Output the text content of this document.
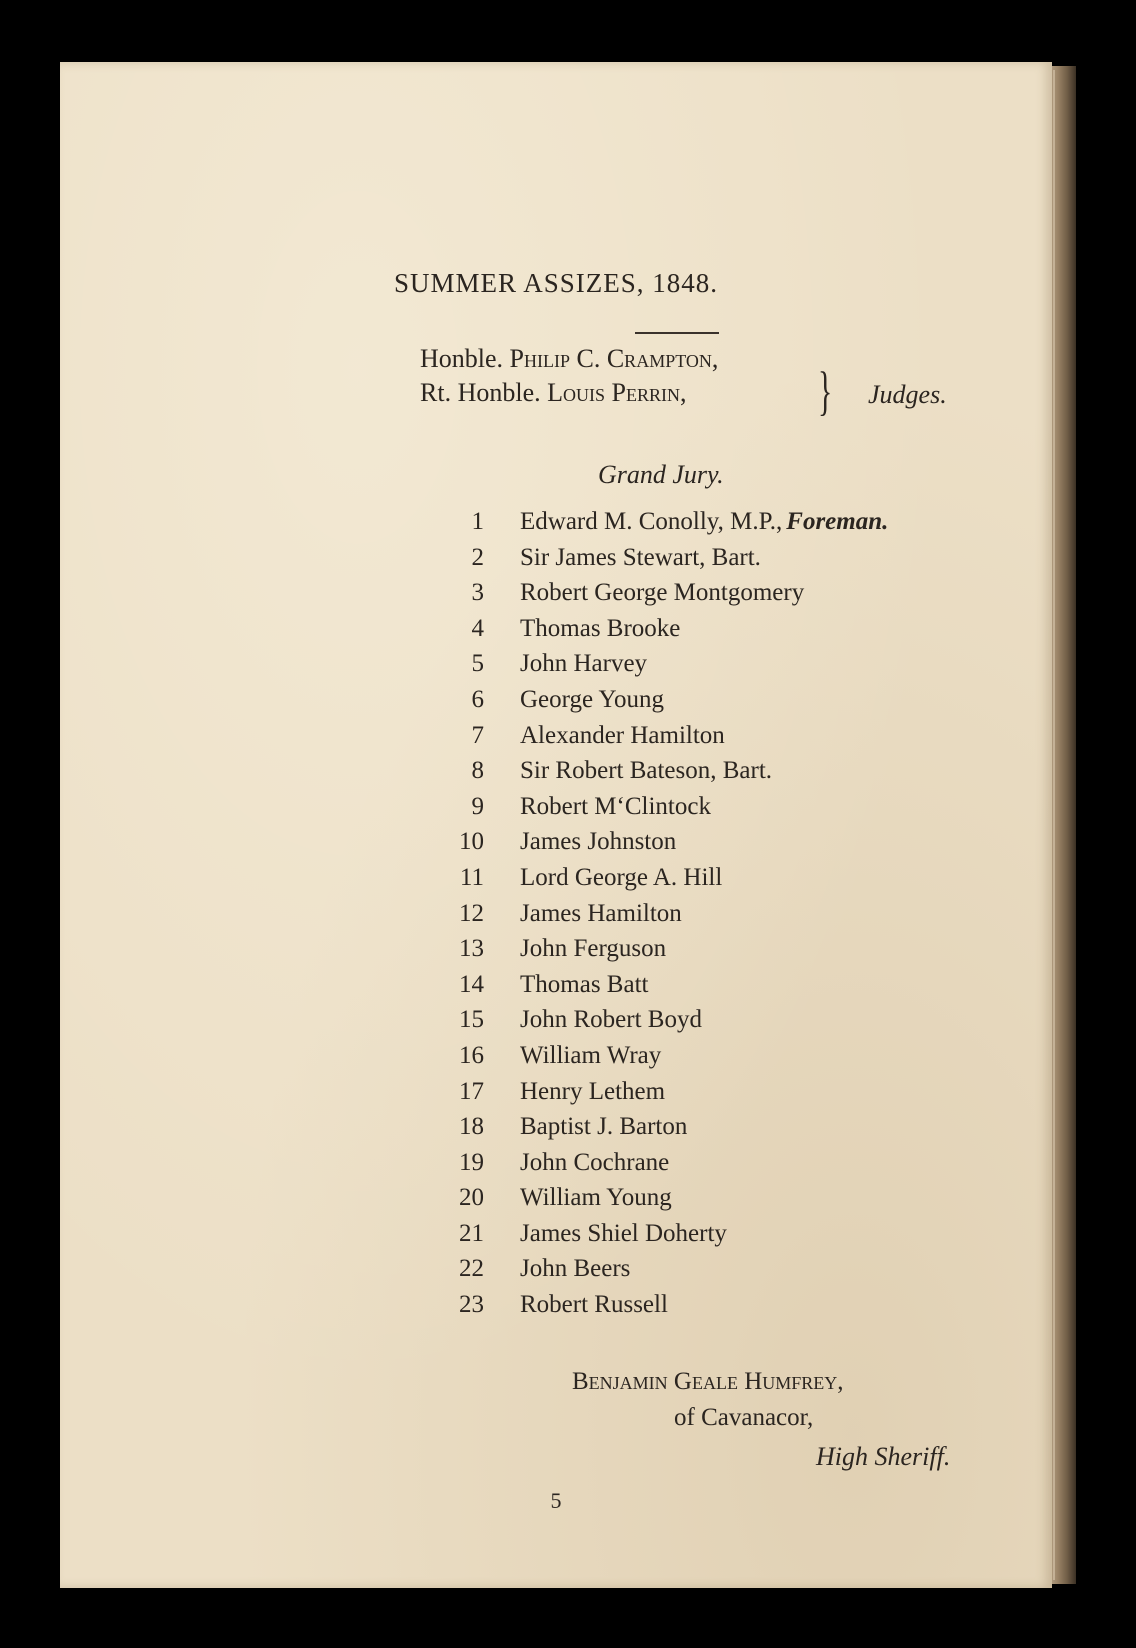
SUMMER ASSIZES, 1848.
Honble. Philip C. Crampton,
Rt. Honble. Louis Perrin, } Judges.
Grand Jury.
1 Edward M. Conolly, M.P., Foreman.
2 Sir James Stewart, Bart.
3 Robert George Montgomery
4 Thomas Brooke
5 John Harvey
6 George Young
7 Alexander Hamilton
8 Sir Robert Bateson, Bart.
9 Robert M‘Clintock
10 James Johnston
11 Lord George A. Hill
12 James Hamilton
13 John Ferguson
14 Thomas Batt
15 John Robert Boyd
16 William Wray
17 Henry Lethem
18 Baptist J. Barton
19 John Cochrane
20 William Young
21 James Shiel Doherty
22 John Beers
23 Robert Russell
Benjamin Geale Humfrey,
of Cavanacor,
High Sheriff.
5
